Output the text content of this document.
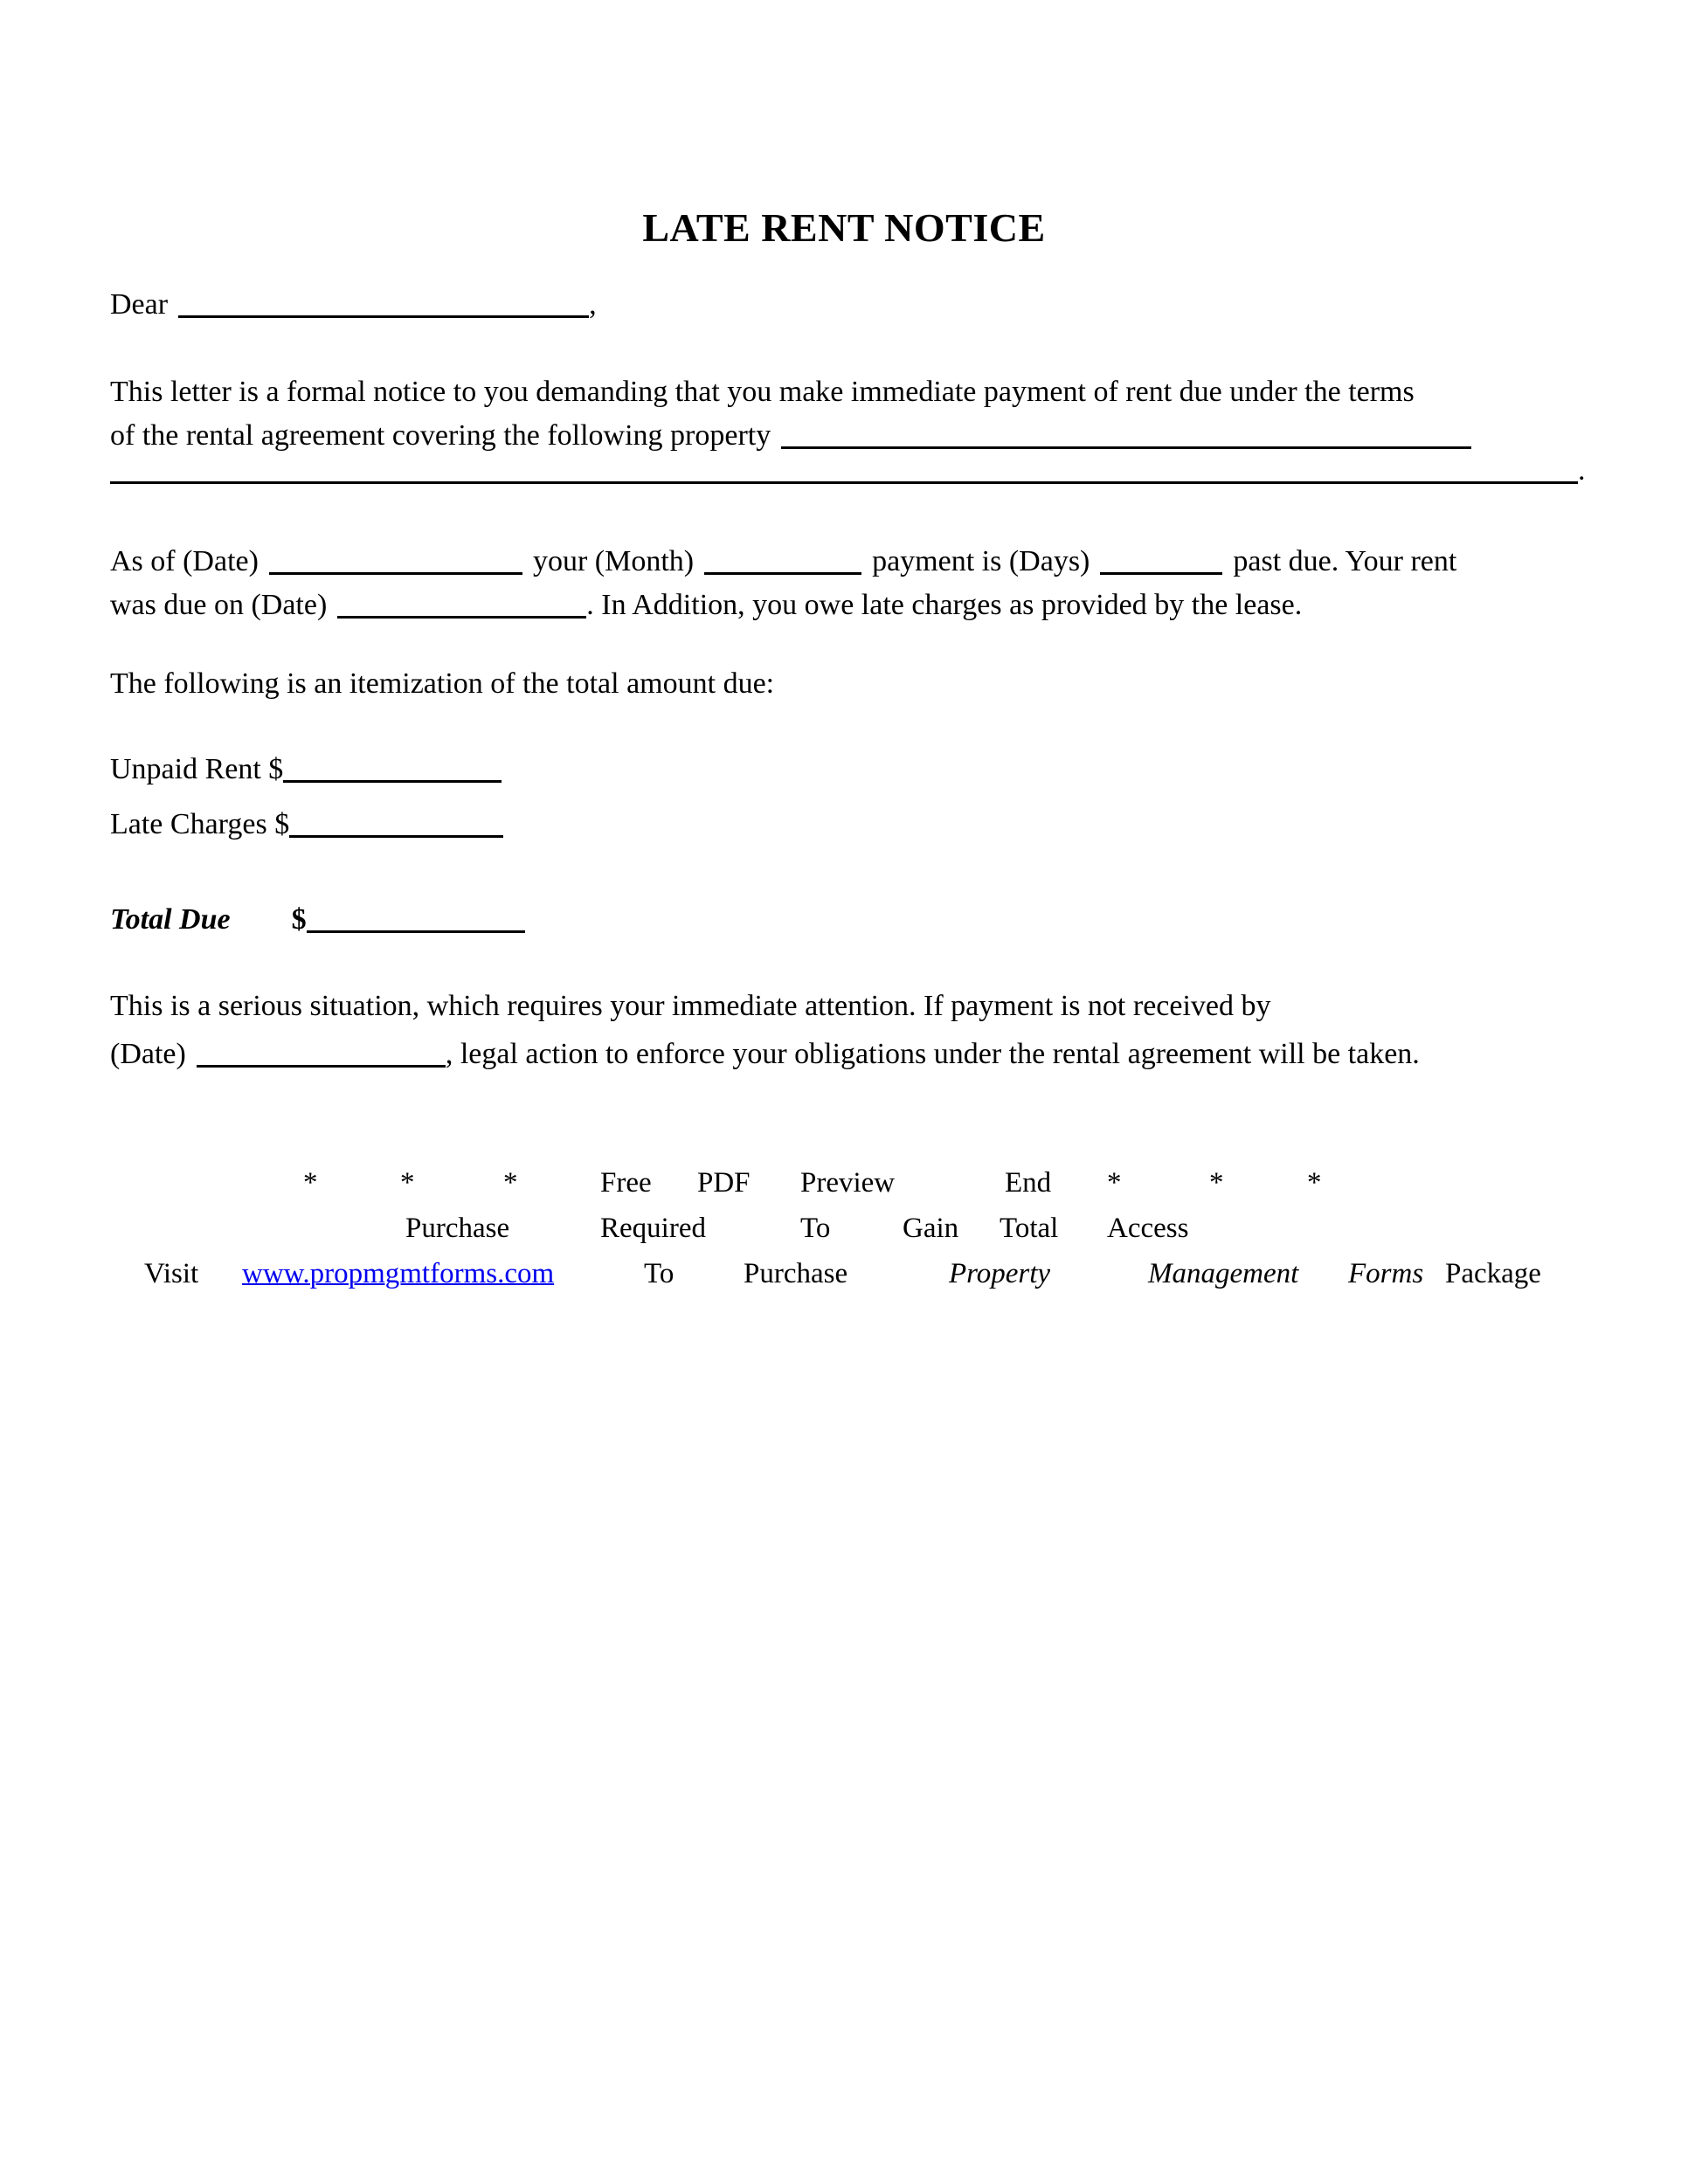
LATE RENT NOTICE
Dear	,
This letter is a formal notice to you demanding that you make immediate payment of rent due under the terms
of the rental agreement covering the following property
.
As of (Date)	your (Month)	payment is (Days)	past due. Your rent
was due on (Date)	. In Addition, you owe late charges as provided by the lease.
The following is an itemization of the total amount due:
Unpaid Rent $
Late Charges $
Total Due $
This is a serious situation, which requires your immediate attention. If payment is not received by
(Date)	, legal action to enforce your obligations under the rental agreement will be taken.
*	*	*	Free PDF Preview	End *	*	*
Purchase	Required	To	Gain Total Access
Visit www.propmgmtforms.com	To Purchase	Property	Management Forms Package
